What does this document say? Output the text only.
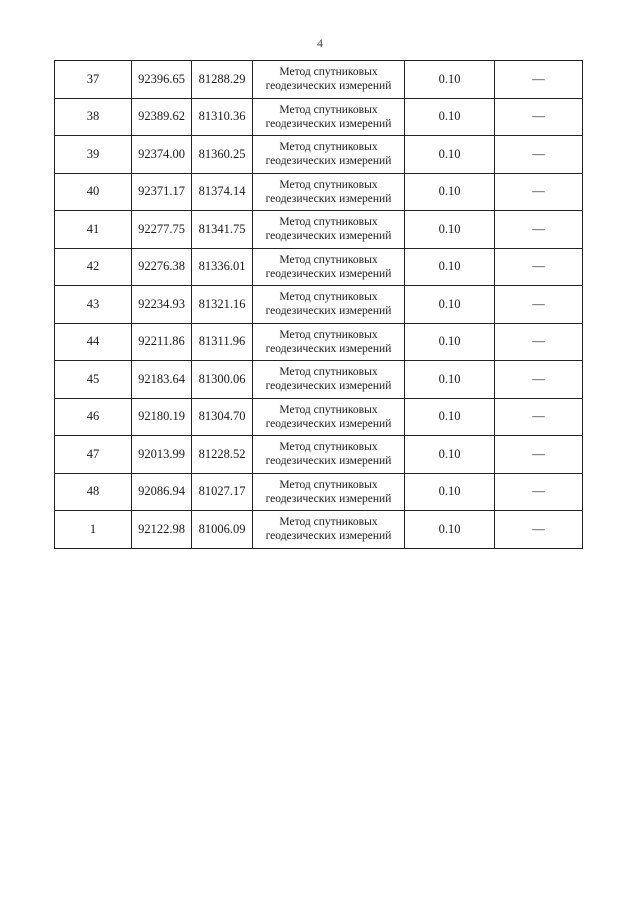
4
37	92396.65	81288.29	Метод спутниковых геодезических измерений	0.10	—
38	92389.62	81310.36	Метод спутниковых геодезических измерений	0.10	—
39	92374.00	81360.25	Метод спутниковых геодезических измерений	0.10	—
40	92371.17	81374.14	Метод спутниковых геодезических измерений	0.10	—
41	92277.75	81341.75	Метод спутниковых геодезических измерений	0.10	—
42	92276.38	81336.01	Метод спутниковых геодезических измерений	0.10	—
43	92234.93	81321.16	Метод спутниковых геодезических измерений	0.10	—
44	92211.86	81311.96	Метод спутниковых геодезических измерений	0.10	—
45	92183.64	81300.06	Метод спутниковых геодезических измерений	0.10	—
46	92180.19	81304.70	Метод спутниковых геодезических измерений	0.10	—
47	92013.99	81228.52	Метод спутниковых геодезических измерений	0.10	—
48	92086.94	81027.17	Метод спутниковых геодезических измерений	0.10	—
1	92122.98	81006.09	Метод спутниковых геодезических измерений	0.10	—
